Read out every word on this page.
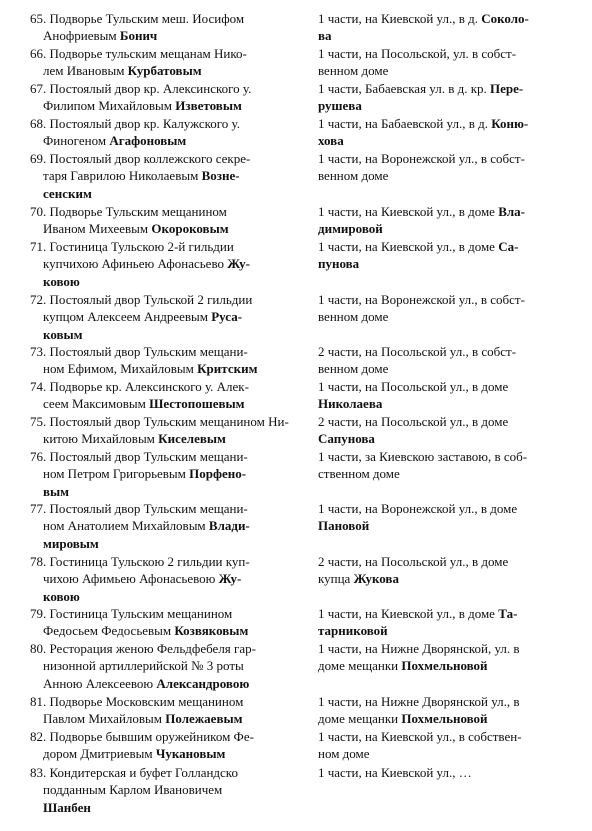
65. Подворье Тульским меш. Иосифом
Анофриевым Бонич
1 части, на Киевской ул., в д. Соколо-
ва
66. Подворье тульским мещанам Нико-
лем Ивановым Курбатовым
1 части, на Посольской, ул. в собст-
венном доме
67. Постоялый двор кр. Алексинского у.
Филипом Михайловым Изветовым
1 части, Бабаевская ул. в д. кр. Пере-
рушева
68. Постоялый двор кр. Калужского у.
Финогеном Агафоновым
1 части, на Бабаевской ул., в д. Коню-
хова
69. Постоялый двор коллежского секре-
таря Гаврилою Николаевым Возне-
сенским
1 части, на Воронежской ул., в собст-
венном доме
70. Подворье Тульским мещанином
Иваном Михеевым Окороковым
1 части, на Киевской ул., в доме Вла-
димировой
71. Гостиница Тульскою 2-й гильдии
купчихою Афиньею Афонасьево Жу-
ковою
1 части, на Киевской ул., в доме Са-
пунова
72. Постоялый двор Тульской 2 гильдии
купцом Алексеем Андреевым Руса-
ковым
1 части, на Воронежской ул., в собст-
венном доме
73. Постоялый двор Тульским мещани-
ном Ефимом, Михайловым Критским
2 части, на Посольской ул., в собст-
венном доме
74. Подворье кр. Алексинского у. Алек-
сеем Максимовым Шестопошевым
1 части, на Посольской ул., в доме
Николаева
75. Постоялый двор Тульским мещанином Ни-
китою Михайловым Киселевым
2 части, на Посольской ул., в доме
Сапунова
76. Постоялый двор Тульским мещани-
ном Петром Григорьевым Порфено-
вым
1 части, за Киевскою заставою, в соб-
ственном доме
77. Постоялый двор Тульским мещани-
ном Анатолием Михайловым Влади-
мировым
1 части, на Воронежской ул., в доме
Пановой
78. Гостиница Тульскою 2 гильдии куп-
чихою Афимьею Афонасьевою Жу-
ковою
2 части, на Посольской ул., в доме
купца Жукова
79. Гостиница Тульским мещанином
Федосьем Федосьевым Козвяковым
1 части, на Киевской ул., в доме Та-
тарниковой
80. Ресторация женою Фельдфебеля гар-
низонной артиллерийской № 3 роты
Анною Алексеевою Александровою
1 части, на Нижне Дворянской, ул. в
доме мещанки Похмельновой
81. Подворье Московским мещанином
Павлом Михайловым Полежаевым
1 части, на Нижне Дворянской ул., в
доме мещанки Похмельновой
82. Подворье бывшим оружейником Фе-
дором Дмитриевым Чукановым
1 части, на Киевской ул., в собствен-
ном доме
83. Кондитерская и буфет Голландско
подданным Карлом Ивановичем
Шанбен
1 части, на Киевской ул., …
